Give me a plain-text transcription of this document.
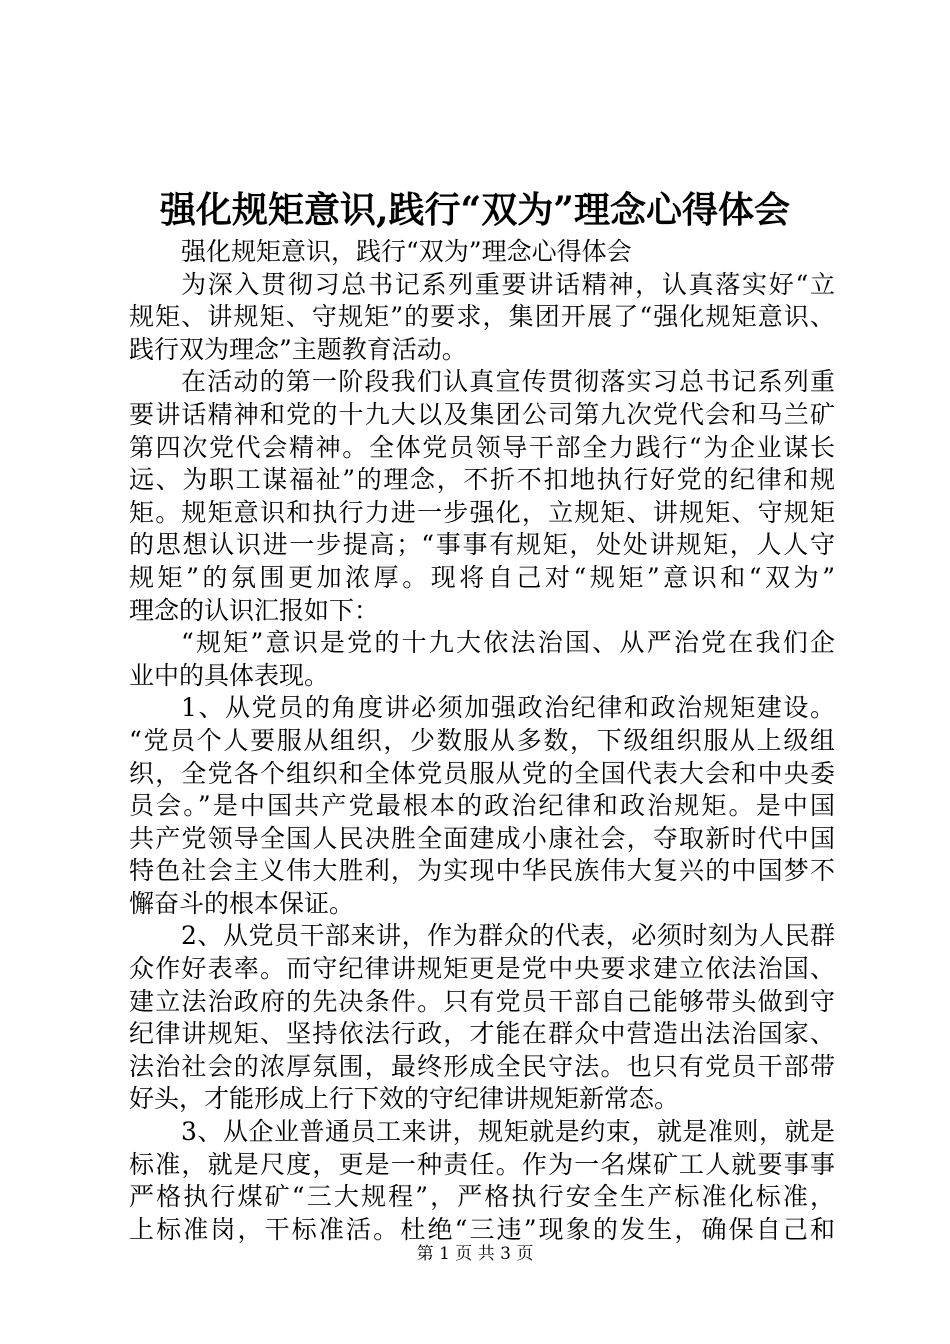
强化规矩意识,践行“双为”理念心得体会
强化规矩意识，践行“双为”理念心得体会
为深入贯彻习总书记系列重要讲话精神，认真落实好“立
规矩、讲规矩、守规矩”的要求，集团开展了“强化规矩意识、
践行双为理念”主题教育活动。
在活动的第一阶段我们认真宣传贯彻落实习总书记系列重
要讲话精神和党的十九大以及集团公司第九次党代会和马兰矿
第四次党代会精神。全体党员领导干部全力践行“为企业谋长
远、为职工谋福祉”的理念，不折不扣地执行好党的纪律和规
矩。规矩意识和执行力进一步强化，立规矩、讲规矩、守规矩
的思想认识进一步提高；“事事有规矩，处处讲规矩，人人守
规矩”的氛围更加浓厚。现将自己对“规矩”意识和“双为”
理念的认识汇报如下：
“规矩”意识是党的十九大依法治国、从严治党在我们企
业中的具体表现。
1、从党员的角度讲必须加强政治纪律和政治规矩建设。
“党员个人要服从组织，少数服从多数，下级组织服从上级组
织，全党各个组织和全体党员服从党的全国代表大会和中央委
员会。”是中国共产党最根本的政治纪律和政治规矩。是中国
共产党领导全国人民决胜全面建成小康社会，夺取新时代中国
特色社会主义伟大胜利，为实现中华民族伟大复兴的中国梦不
懈奋斗的根本保证。
2、从党员干部来讲，作为群众的代表，必须时刻为人民群
众作好表率。而守纪律讲规矩更是党中央要求建立依法治国、
建立法治政府的先决条件。只有党员干部自己能够带头做到守
纪律讲规矩、坚持依法行政，才能在群众中营造出法治国家、
法治社会的浓厚氛围，最终形成全民守法。也只有党员干部带
好头，才能形成上行下效的守纪律讲规矩新常态。
3、从企业普通员工来讲，规矩就是约束，就是准则，就是
标准，就是尺度，更是一种责任。作为一名煤矿工人就要事事
严格执行煤矿“三大规程”，严格执行安全生产标准化标准，
上标准岗，干标准活。杜绝“三违”现象的发生，确保自己和
第 1 页 共 3 页
